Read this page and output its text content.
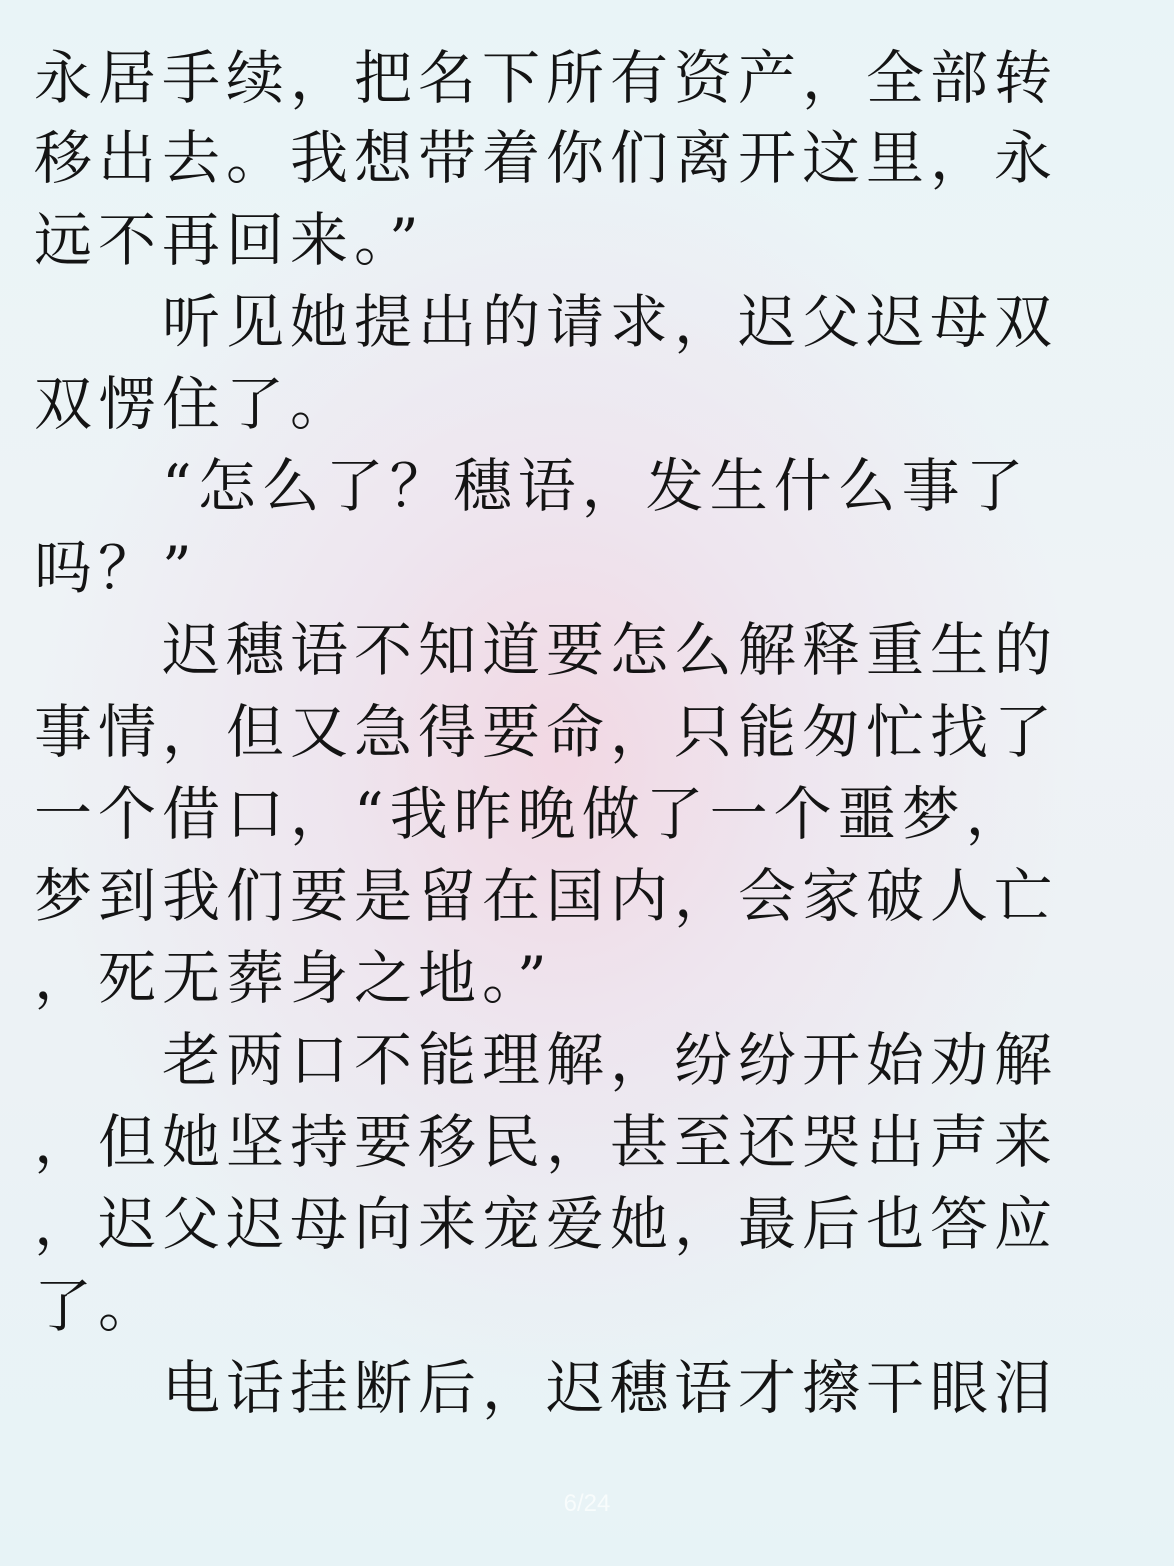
永居手续，把名下所有资产，全部转
移出去。我想带着你们离开这里，永
远不再回来。”
　　听见她提出的请求，迟父迟母双
双愣住了。
　　“怎么了？穗语，发生什么事了
吗？”
　　迟穗语不知道要怎么解释重生的
事情，但又急得要命，只能匆忙找了
一个借口，“我昨晚做了一个噩梦，
梦到我们要是留在国内，会家破人亡
，死无葬身之地。”
　　老两口不能理解，纷纷开始劝解
，但她坚持要移民，甚至还哭出声来
，迟父迟母向来宠爱她，最后也答应
了。
　　电话挂断后，迟穗语才擦干眼泪
6/24
